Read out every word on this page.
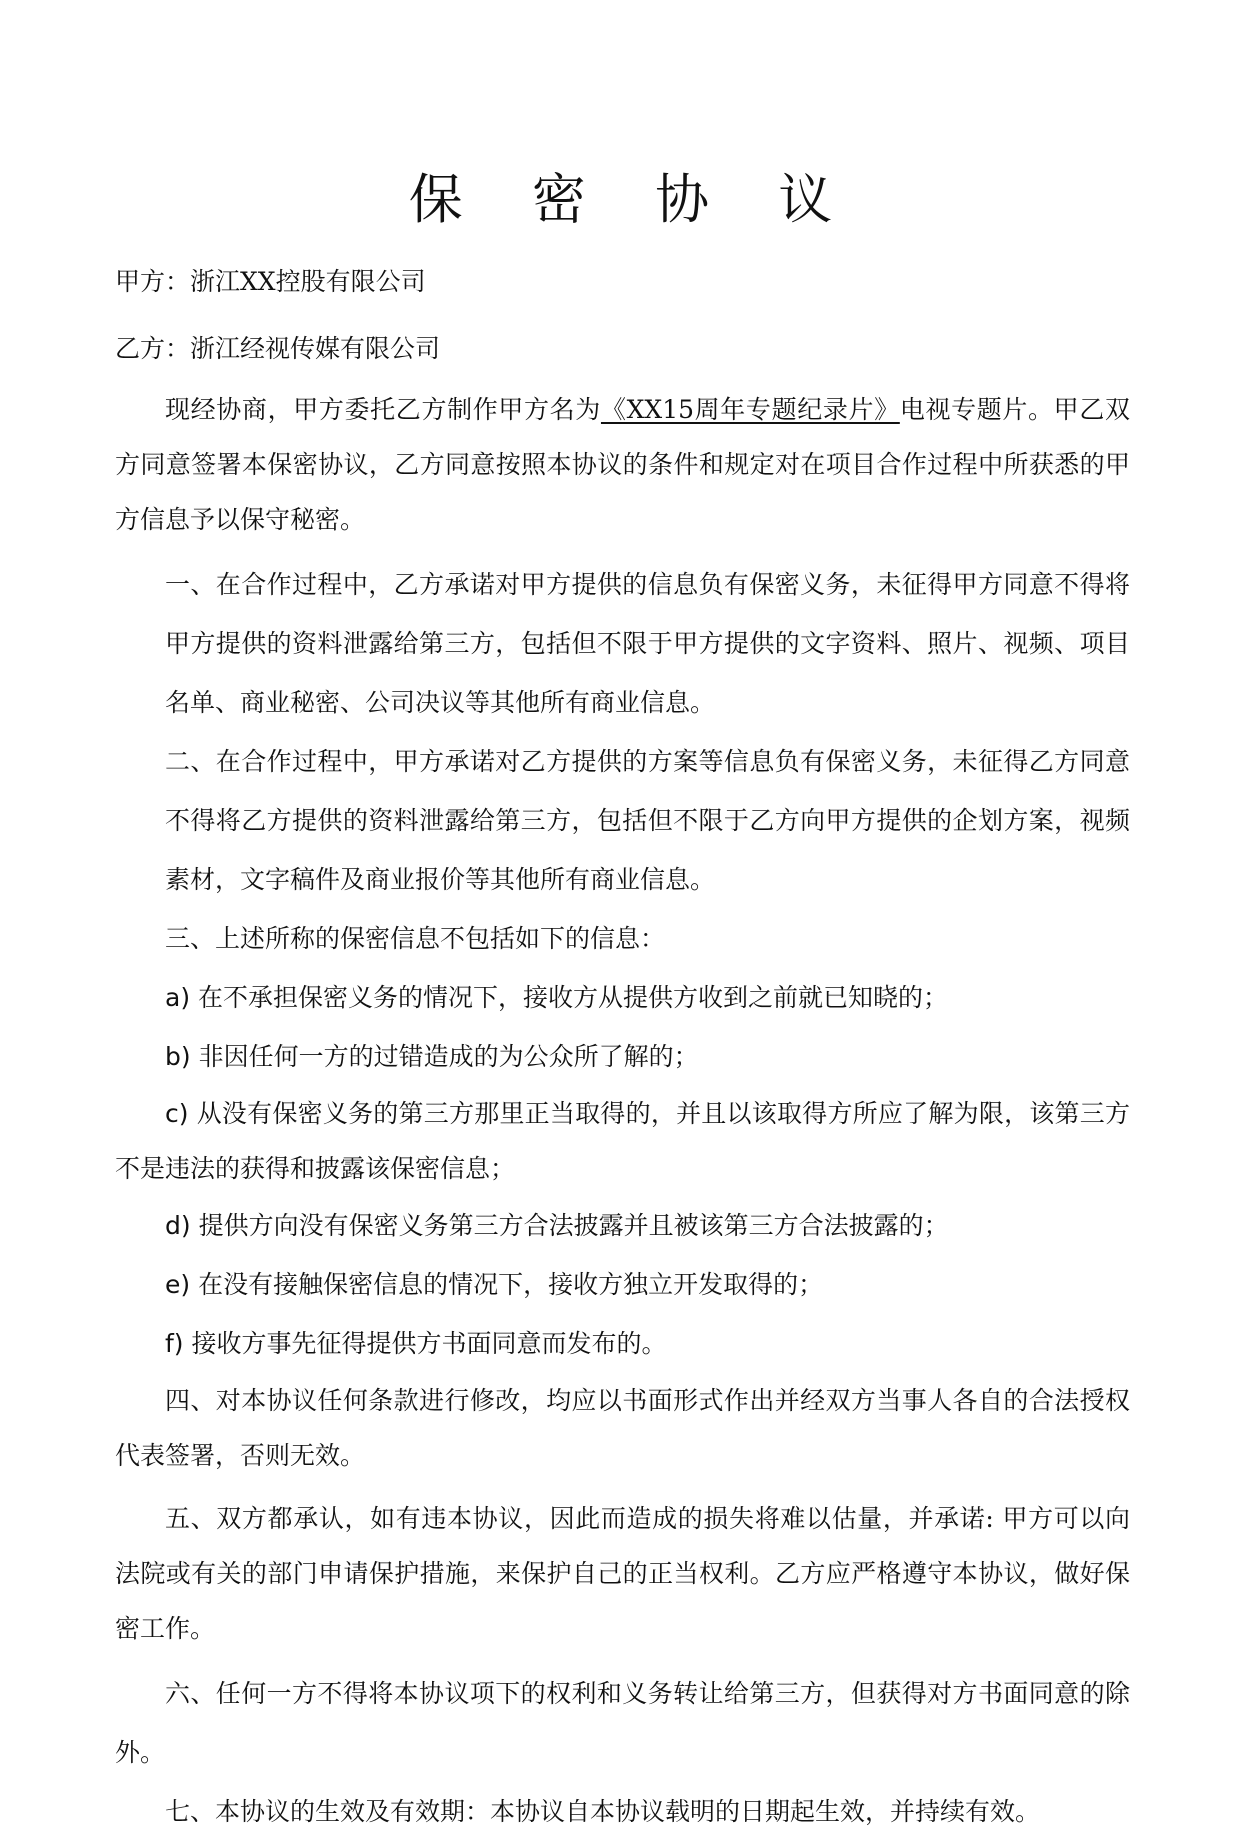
保 密 协 议

甲方：浙江XX控股有限公司

乙方：浙江经视传媒有限公司

现经协商，甲方委托乙方制作甲方名为《XX15周年专题纪录片》电视专题片。甲乙双方同意签署本保密协议，乙方同意按照本协议的条件和规定对在项目合作过程中所获悉的甲方信息予以保守秘密。

一、在合作过程中，乙方承诺对甲方提供的信息负有保密义务，未征得甲方同意不得将甲方提供的资料泄露给第三方，包括但不限于甲方提供的文字资料、照片、视频、项目名单、商业秘密、公司决议等其他所有商业信息。

二、在合作过程中，甲方承诺对乙方提供的方案等信息负有保密义务，未征得乙方同意不得将乙方提供的资料泄露给第三方，包括但不限于乙方向甲方提供的企划方案，视频素材，文字稿件及商业报价等其他所有商业信息。

三、上述所称的保密信息不包括如下的信息：

a) 在不承担保密义务的情况下，接收方从提供方收到之前就已知晓的；

b) 非因任何一方的过错造成的为公众所了解的；

c) 从没有保密义务的第三方那里正当取得的，并且以该取得方所应了解为限，该第三方不是违法的获得和披露该保密信息；

d) 提供方向没有保密义务第三方合法披露并且被该第三方合法披露的；

e) 在没有接触保密信息的情况下，接收方独立开发取得的；

f) 接收方事先征得提供方书面同意而发布的。

四、对本协议任何条款进行修改，均应以书面形式作出并经双方当事人各自的合法授权代表签署，否则无效。

五、双方都承认，如有违本协议，因此而造成的损失将难以估量，并承诺: 甲方可以向法院或有关的部门申请保护措施，来保护自己的正当权利。乙方应严格遵守本协议，做好保密工作。

六、任何一方不得将本协议项下的权利和义务转让给第三方，但获得对方书面同意的除外。

七、本协议的生效及有效期：本协议自本协议载明的日期起生效，并持续有效。
